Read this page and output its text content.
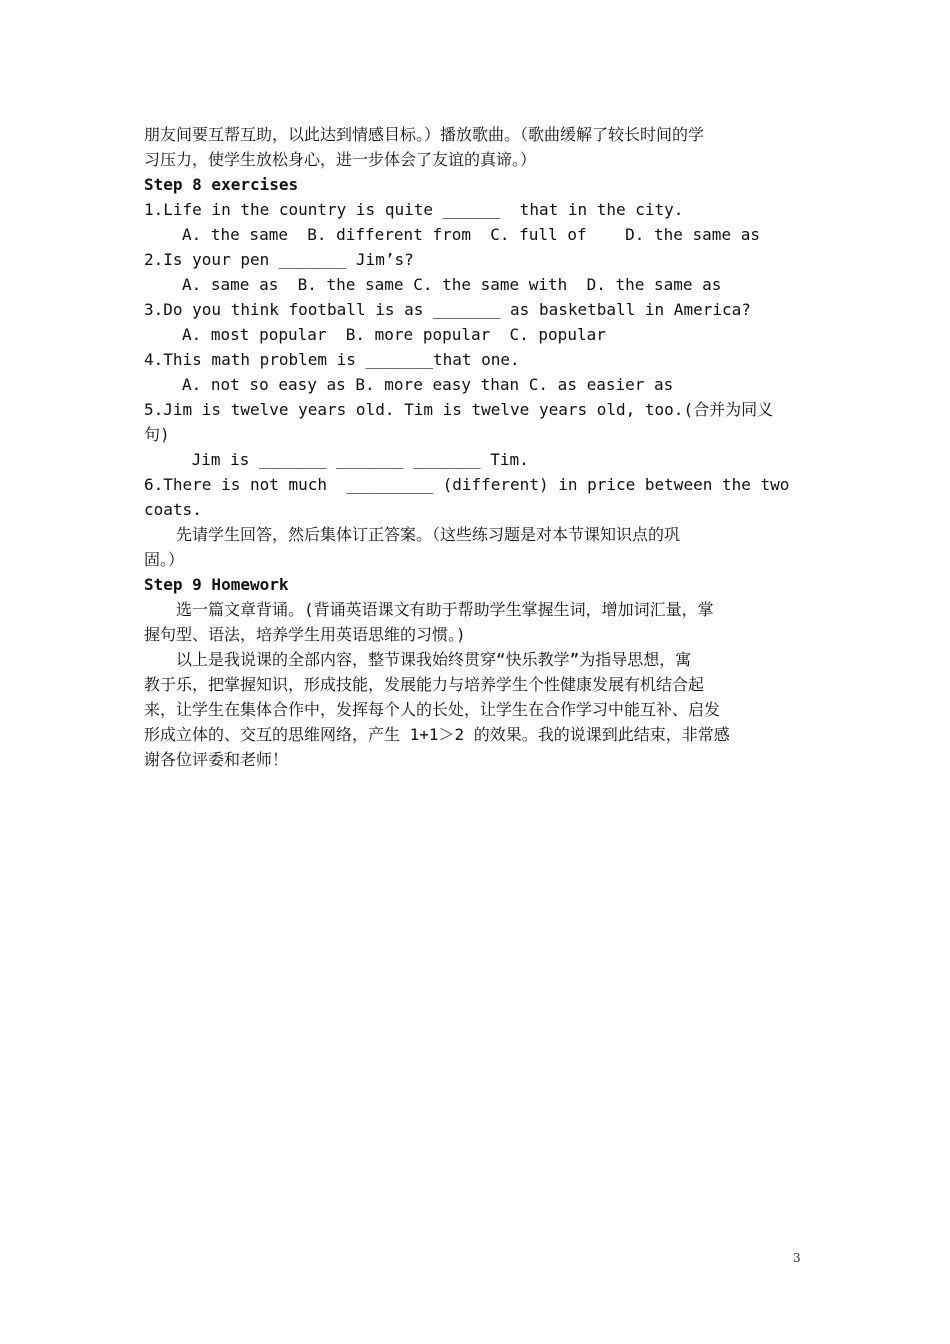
朋友间要互帮互助，以此达到情感目标。）播放歌曲。（歌曲缓解了较长时间的学
习压力，使学生放松身心，进一步体会了友谊的真谛。）
Step 8 exercises
1.Life in the country is quite ______  that in the city.
A. the same  B. different from  C. full of    D. the same as
2.Is your pen _______ Jim’s?
A. same as  B. the same C. the same with  D. the same as
3.Do you think football is as _______ as basketball in America?
A. most popular  B. more popular  C. popular
4.This math problem is _______that one.
A. not so easy as B. more easy than C. as easier as
5.Jim is twelve years old. Tim is twelve years old, too.(合并为同义
句)
Jim is _______ _______ _______ Tim.
6.There is not much  _________ (different) in price between the two
coats.
先请学生回答，然后集体订正答案。（这些练习题是对本节课知识点的巩
固。）
Step 9 Homework
选一篇文章背诵。(背诵英语课文有助于帮助学生掌握生词，增加词汇量，掌
握句型、语法，培养学生用英语思维的习惯。)
以上是我说课的全部内容，整节课我始终贯穿“快乐教学”为指导思想，寓
教于乐，把掌握知识，形成技能，发展能力与培养学生个性健康发展有机结合起
来，让学生在集体合作中，发挥每个人的长处，让学生在合作学习中能互补、启发
形成立体的、交互的思维网络，产生 1+1＞2 的效果。我的说课到此结束，非常感
谢各位评委和老师！
3
